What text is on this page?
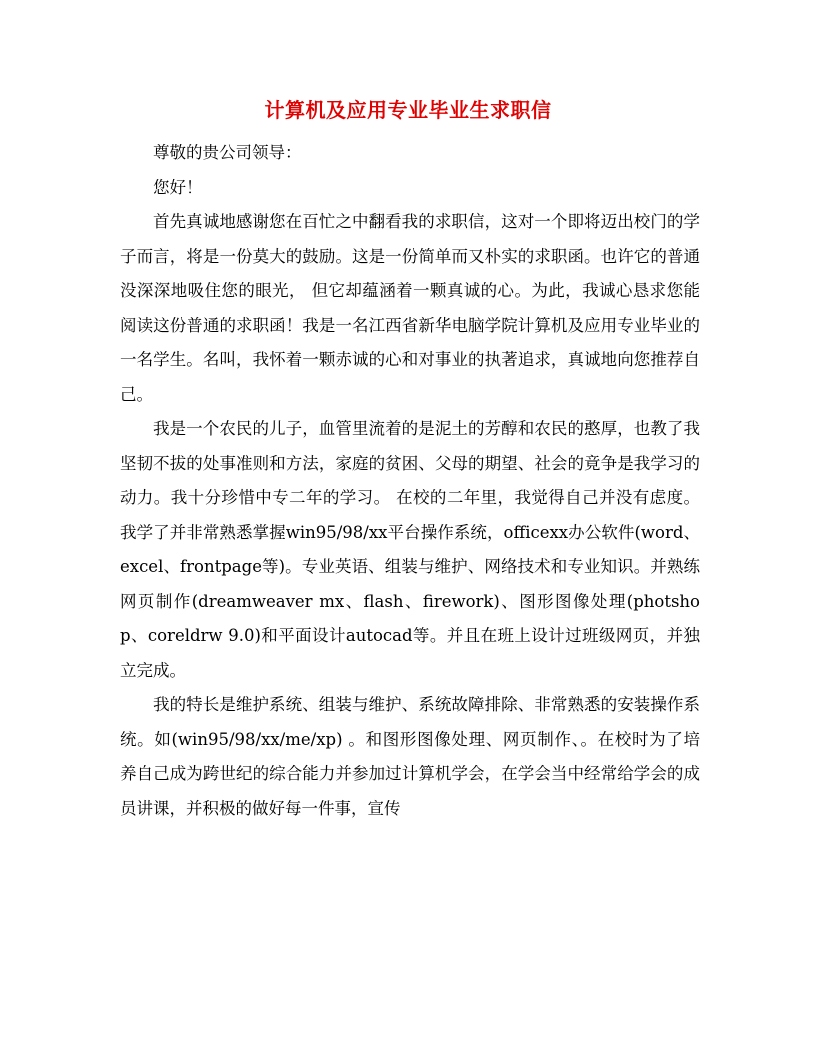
计算机及应用专业毕业生求职信

尊敬的贵公司领导：

您好！

首先真诚地感谢您在百忙之中翻看我的求职信，这对一个即将迈出校门的学子而言，将是一份莫大的鼓励。这是一份简单而又朴实的求职函。也许它的普通没深深地吸住您的眼光， 但它却蕴涵着一颗真诚的心。为此，我诚心恳求您能阅读这份普通的求职函！我是一名江西省新华电脑学院计算机及应用专业毕业的一名学生。名叫，我怀着一颗赤诚的心和对事业的执著追求，真诚地向您推荐自己。

我是一个农民的儿子，血管里流着的是泥土的芳醇和农民的憨厚，也教了我坚韧不拔的处事准则和方法，家庭的贫困、父母的期望、社会的竟争是我学习的动力。我十分珍惜中专二年的学习。 在校的二年里，我觉得自己并没有虑度。我学了并非常熟悉掌握win95/98/xx平台操作系统，officexx办公软件(word、excel、frontpage等)。专业英语、组装与维护、网络技术和专业知识。并熟练网页制作(dreamweaver mx、flash、firework)、图形图像处理(photshop、coreldrw 9.0)和平面设计autocad等。并且在班上设计过班级网页，并独立完成。

我的特长是维护系统、组装与维护、系统故障排除、非常熟悉的安装操作系统。如(win95/98/xx/me/xp) 。和图形图像处理、网页制作、。在校时为了培养自己成为跨世纪的综合能力并参加过计算机学会，在学会当中经常给学会的成员讲课，并积极的做好每一件事，宣传
